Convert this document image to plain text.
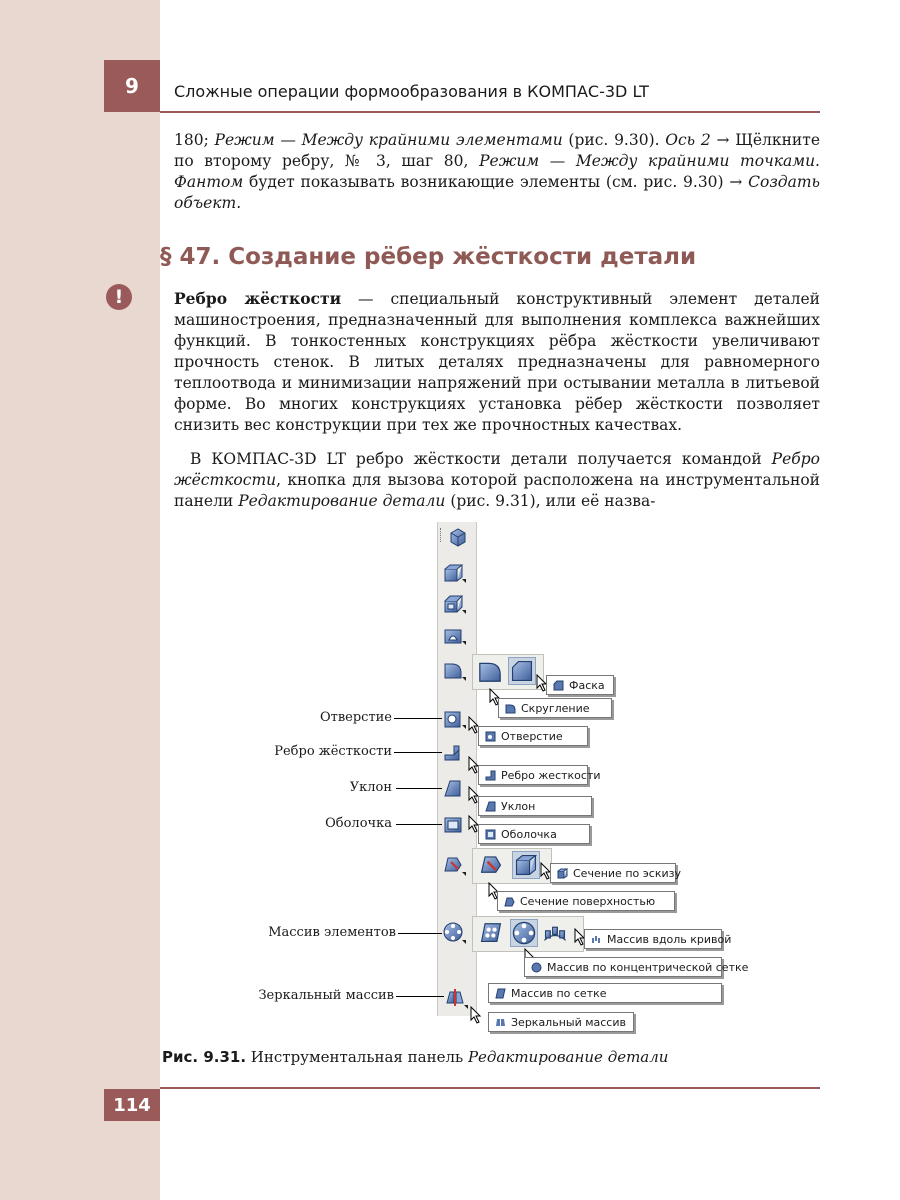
9	Сложные операции формообразования в КОМПАС-3D LT
180; Режим — Между крайними элементами (рис. 9.30). Ось 2 → Щёлкните по второму ребру, № 3, шаг 80, Режим — Между крайними точками. Фантом будет показывать возникающие элементы (см. рис. 9.30) → Создать объект.
§ 47. Создание рёбер жёсткости детали
!	Ребро жёсткости — специальный конструктивный элемент деталей машиностроения, предназначенный для выполнения комплекса важнейших функций. В тонкостенных конструкциях рёбра жёсткости увеличивают прочность стенок. В литых деталях предназначены для равномерного теплоотвода и минимизации напряжений при остывании металла в литьевой форме. Во многих конструкциях установка рёбер жёсткости позволяет снизить вес конструкции при тех же прочностных качествах.
В КОМПАС-3D LT ребро жёсткости детали получается командой Ребро жёсткости, кнопка для вызова которой расположена на инструментальной панели Редактирование детали (рис. 9.31), или её назва-
Фаска
Скругление
Отверстие
Ребро жесткости
Уклон
Оболочка
Сечение по эскизу
Сечение поверхностью
Массив вдоль кривой
Массив по концентрической сетке
Массив по сетке
Зеркальный массив
Отверстие
Ребро жёсткости
Уклон
Оболочка
Массив элементов
Зеркальный массив
Рис. 9.31. Инструментальная панель Редактирование детали
114
